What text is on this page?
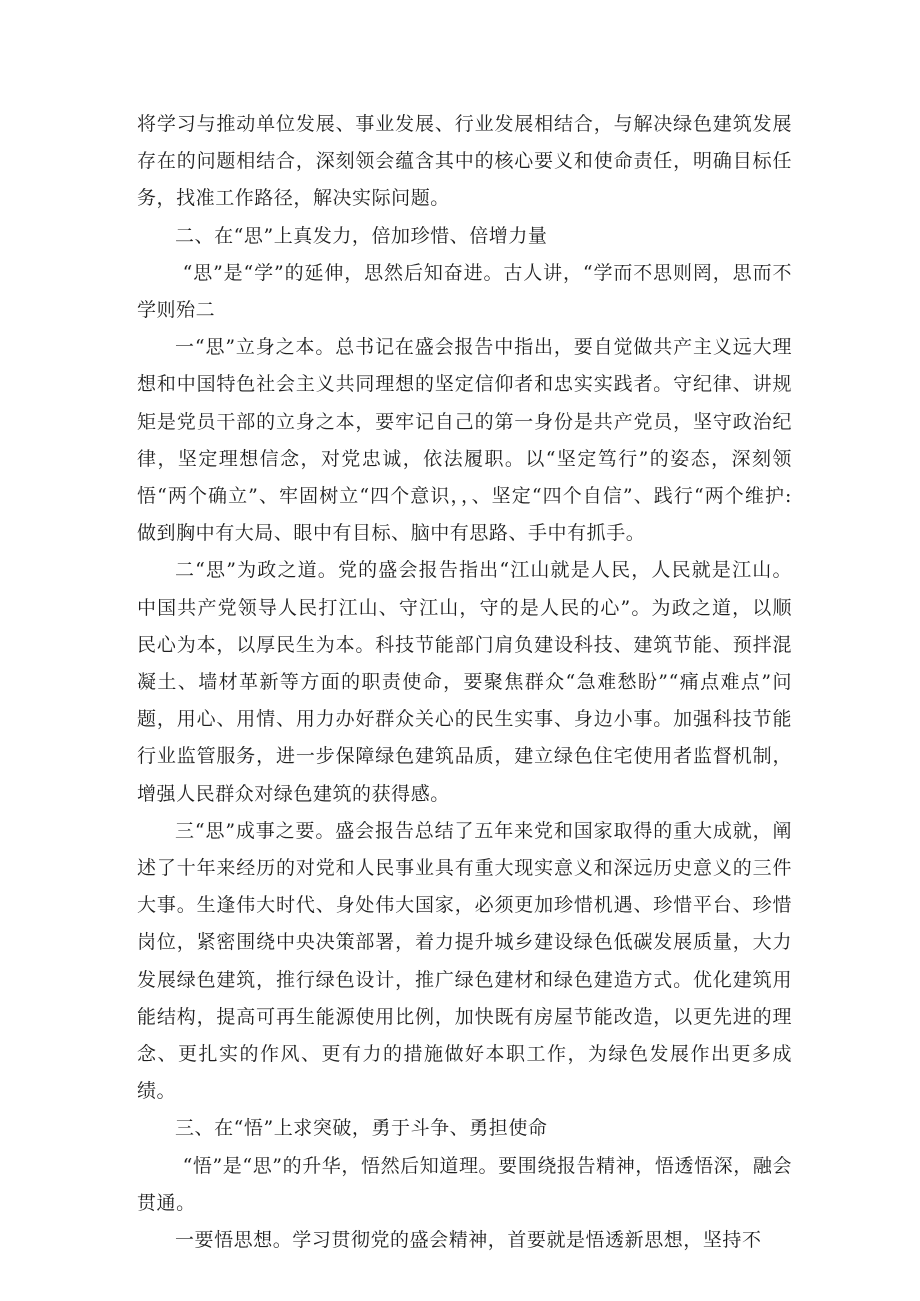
将学习与推动单位发展、事业发展、行业发展相结合，与解决绿色建筑发展存在的问题相结合，深刻领会蕴含其中的核心要义和使命责任，明确目标任务，找准工作路径，解决实际问题。

二、在“思”上真发力，倍加珍惜、倍增力量

“思”是“学”的延伸，思然后知奋进。古人讲，“学而不思则罔，思而不学则殆二

一“思”立身之本。总书记在盛会报告中指出，要自觉做共产主义远大理想和中国特色社会主义共同理想的坚定信仰者和忠实实践者。守纪律、讲规矩是党员干部的立身之本，要牢记自己的第一身份是共产党员，坚守政治纪律，坚定理想信念，对党忠诚，依法履职。以“坚定笃行”的姿态，深刻领悟“两个确立”、牢固树立“四个意识，，、坚定“四个自信”、践行“两个维护:做到胸中有大局、眼中有目标、脑中有思路、手中有抓手。

二“思”为政之道。党的盛会报告指出“江山就是人民，人民就是江山。中国共产党领导人民打江山、守江山，守的是人民的心”。为政之道，以顺民心为本，以厚民生为本。科技节能部门肩负建设科技、建筑节能、预拌混凝土、墙材革新等方面的职责使命，要聚焦群众“急难愁盼”“痛点难点”问题，用心、用情、用力办好群众关心的民生实事、身边小事。加强科技节能行业监管服务，进一步保障绿色建筑品质，建立绿色住宅使用者监督机制，增强人民群众对绿色建筑的获得感。

三“思”成事之要。盛会报告总结了五年来党和国家取得的重大成就，阐述了十年来经历的对党和人民事业具有重大现实意义和深远历史意义的三件大事。生逢伟大时代、身处伟大国家，必须更加珍惜机遇、珍惜平台、珍惜岗位，紧密围绕中央决策部署，着力提升城乡建设绿色低碳发展质量，大力发展绿色建筑，推行绿色设计，推广绿色建材和绿色建造方式。优化建筑用能结构，提高可再生能源使用比例，加快既有房屋节能改造，以更先进的理念、更扎实的作风、更有力的措施做好本职工作，为绿色发展作出更多成绩。

三、在“悟”上求突破，勇于斗争、勇担使命

“悟”是“思”的升华，悟然后知道理。要围绕报告精神，悟透悟深，融会贯通。

一要悟思想。学习贯彻党的盛会精神，首要就是悟透新思想，坚持不
